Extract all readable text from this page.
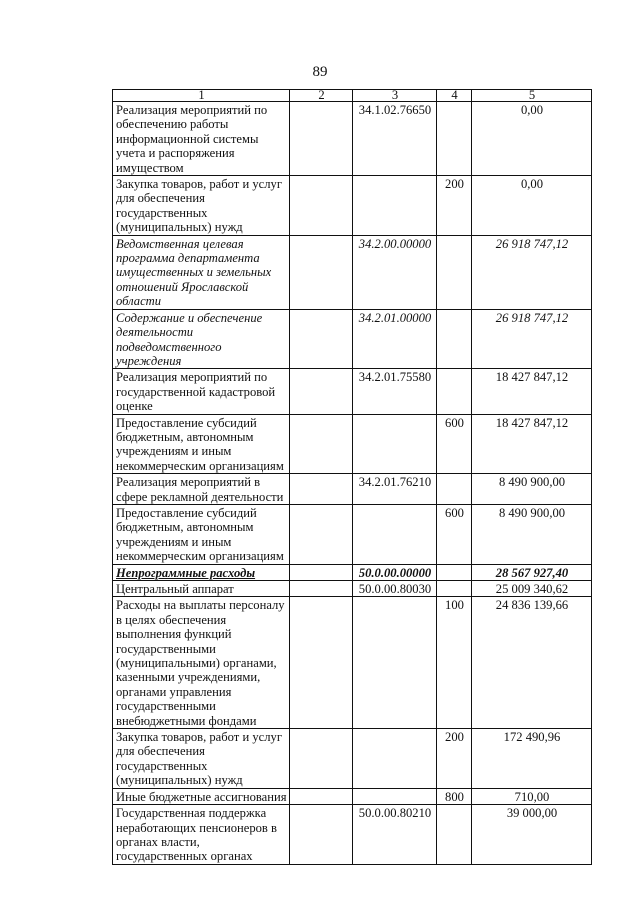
89
1	2	3	4	5
Реализация мероприятий по обеспечению работы информационной системы учета и распоряжения имуществом		34.1.02.76650		0,00
Закупка товаров, работ и услуг для обеспечения государственных (муниципальных) нужд			200	0,00
Ведомственная целевая программа департамента имущественных и земельных отношений Ярославской области		34.2.00.00000		26 918 747,12
Содержание и обеспечение деятельности подведомственного учреждения		34.2.01.00000		26 918 747,12
Реализация мероприятий по государственной кадастровой оценке		34.2.01.75580		18 427 847,12
Предоставление субсидий бюджетным, автономным учреждениям и иным некоммерческим организациям			600	18 427 847,12
Реализация мероприятий в сфере рекламной деятельности		34.2.01.76210		8 490 900,00
Предоставление субсидий бюджетным, автономным учреждениям и иным некоммерческим организациям			600	8 490 900,00
Непрограммные расходы		50.0.00.00000		28 567 927,40
Центральный аппарат		50.0.00.80030		25 009 340,62
Расходы на выплаты персоналу в целях обеспечения выполнения функций государственными (муниципальными) органами, казенными учреждениями, органами управления государственными внебюджетными фондами			100	24 836 139,66
Закупка товаров, работ и услуг для обеспечения государственных (муниципальных) нужд			200	172 490,96
Иные бюджетные ассигнования			800	710,00
Государственная поддержка неработающих пенсионеров в органах власти, государственных органах		50.0.00.80210		39 000,00
